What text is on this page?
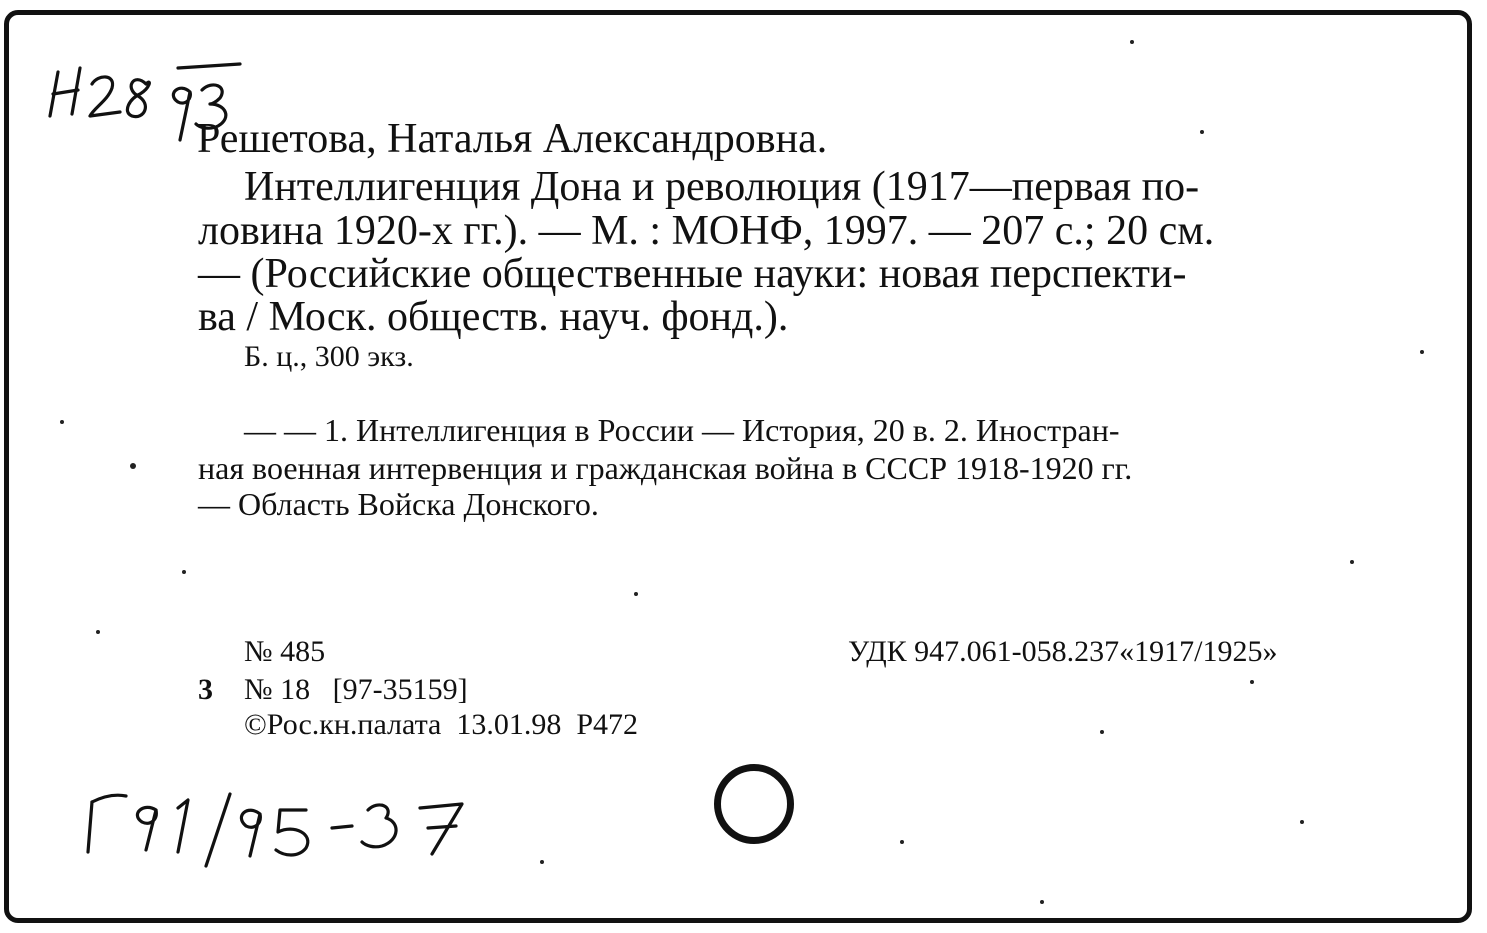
Решетова, Наталья Александровна.
Интеллигенция Дона и революция (1917—первая по-
ловина 1920-х гг.). — М. : МОНФ, 1997. — 207 с.; 20 см.
— (Российские общественные науки: новая перспекти-
ва / Моск. обществ. науч. фонд.).
Б. ц., 300 экз.
— — 1. Интеллигенция в России — История, 20 в. 2. Иностран-
ная военная интервенция и гражданская война в СССР 1918-1920 гг.
— Область Войска Донского.
№ 485	УДК 947.061-058.237«1917/1925»
3 № 18   [97-35159]
©Рос.кн.палата  13.01.98  Р472
